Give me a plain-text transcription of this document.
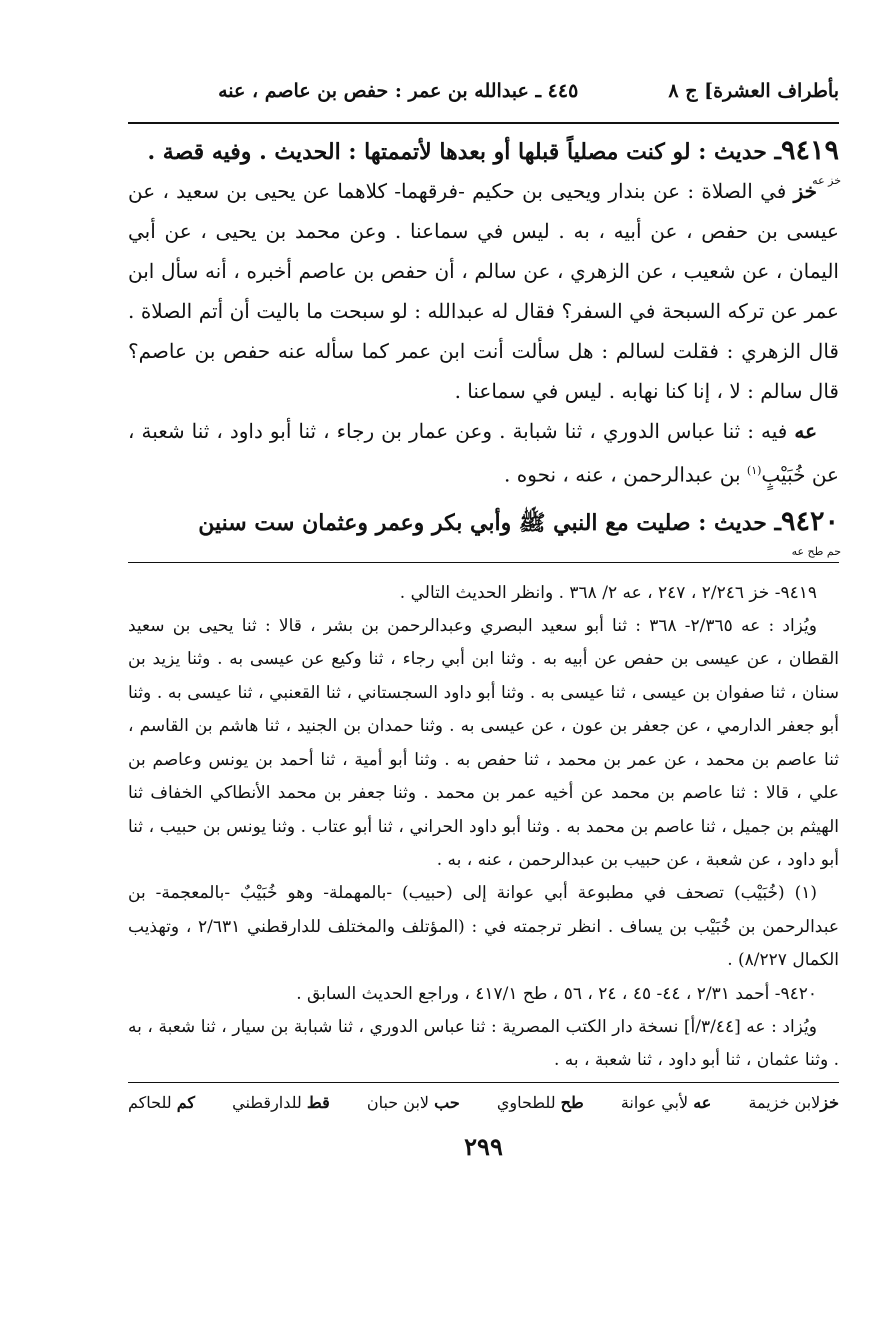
بأطراف العشرة] ج ٨
٤٤٥ ـ عبدالله بن عمر : حفص بن عاصم ، عنه
٩٤١٩ـ حديث : لو كنت مصلياً قبلها أو بعدها لأتممتها : الحديث . وفيه قصة .
خز عه

خز في الصلاة : عن بندار ويحيى بن حكيم -فرقهما- كلاهما عن يحيى بن سعيد ، عن عيسى بن حفص ، عن أبيه ، به . ليس في سماعنا . وعن محمد بن يحيى ، عن أبي اليمان ، عن شعيب ، عن الزهري ، عن سالم ، أن حفص بن عاصم أخبره ، أنه سأل ابن عمر عن تركه السبحة في السفر؟ فقال له عبدالله : لو سبحت ما باليت أن أتم الصلاة . قال الزهري : فقلت لسالم : هل سألت أنت ابن عمر كما سأله عنه حفص بن عاصم؟ قال سالم : لا ، إنا كنا نهابه . ليس في سماعنا .

عه فيه : ثنا عباس الدوري ، ثنا شبابة . وعن عمار بن رجاء ، ثنا أبو داود ، ثنا شعبة ، عن خُبَيْبٍ$^{(١)}$ بن عبدالرحمن ، عنه ، نحوه .

٩٤٢٠ـ حديث : صليت مع النبي ﷺ وأبي بكر وعمر وعثمان ست سنين
حم طح عه

٩٤١٩- خز ٢/٢٤٦ ، ٢٤٧ ، عه ٢/ ٣٦٨ . وانظر الحديث التالي .

ويُزاد : عه ٢/٣٦٥- ٣٦٨ : ثنا أبو سعيد البصري وعبدالرحمن بن بشر ، قالا : ثنا يحيى بن سعيد القطان ، عن عيسى بن حفص عن أبيه به . وثنا ابن أبي رجاء ، ثنا وكيع عن عيسى به . وثنا يزيد بن سنان ، ثنا صفوان بن عيسى ، ثنا عيسى به . وثنا أبو داود السجستاني ، ثنا القعنبي ، ثنا عيسى به . وثنا أبو جعفر الدارمي ، عن جعفر بن عون ، عن عيسى به . وثنا حمدان بن الجنيد ، ثنا هاشم بن القاسم ، ثنا عاصم بن محمد ، عن عمر بن محمد ، ثنا حفص به . وثنا أبو أمية ، ثنا أحمد بن يونس وعاصم بن علي ، قالا : ثنا عاصم بن محمد عن أخيه عمر بن محمد . وثنا جعفر بن محمد الأنطاكي الخفاف ثنا الهيثم بن جميل ، ثنا عاصم بن محمد به . وثنا أبو داود الحراني ، ثنا أبو عتاب . وثنا يونس بن حبيب ، ثنا أبو داود ، عن شعبة ، عن حبيب بن عبدالرحمن ، عنه ، به .

(١) (خُبَيْب) تصحف في مطبوعة أبي عوانة إلى (حبيب) -بالمهملة- وهو خُبَيْبٌ -بالمعجمة- بن عبدالرحمن بن خُبَيْب بن يساف . انظر ترجمته في : (المؤتلف والمختلف للدارقطني ٢/٦٣١ ، وتهذيب الكمال ٨/٢٢٧) .

٩٤٢٠- أحمد ٢/٣١ ، ٤٤- ٤٥ ، ٢٤ ، ٥٦ ، طح ٤١٧/١ ، وراجع الحديث السابق .

ويُزاد : عه [٣/٤٤/أ] نسخة دار الكتب المصرية : ثنا عباس الدوري ، ثنا شبابة بن سيار ، ثنا شعبة ، به . وثنا عثمان ، ثنا أبو داود ، ثنا شعبة ، به .

خزلابن خزيمة
عه لأبي عوانة
طح للطحاوي
حب لابن حبان
قط للدارقطني
كم للحاكم
٢٩٩
